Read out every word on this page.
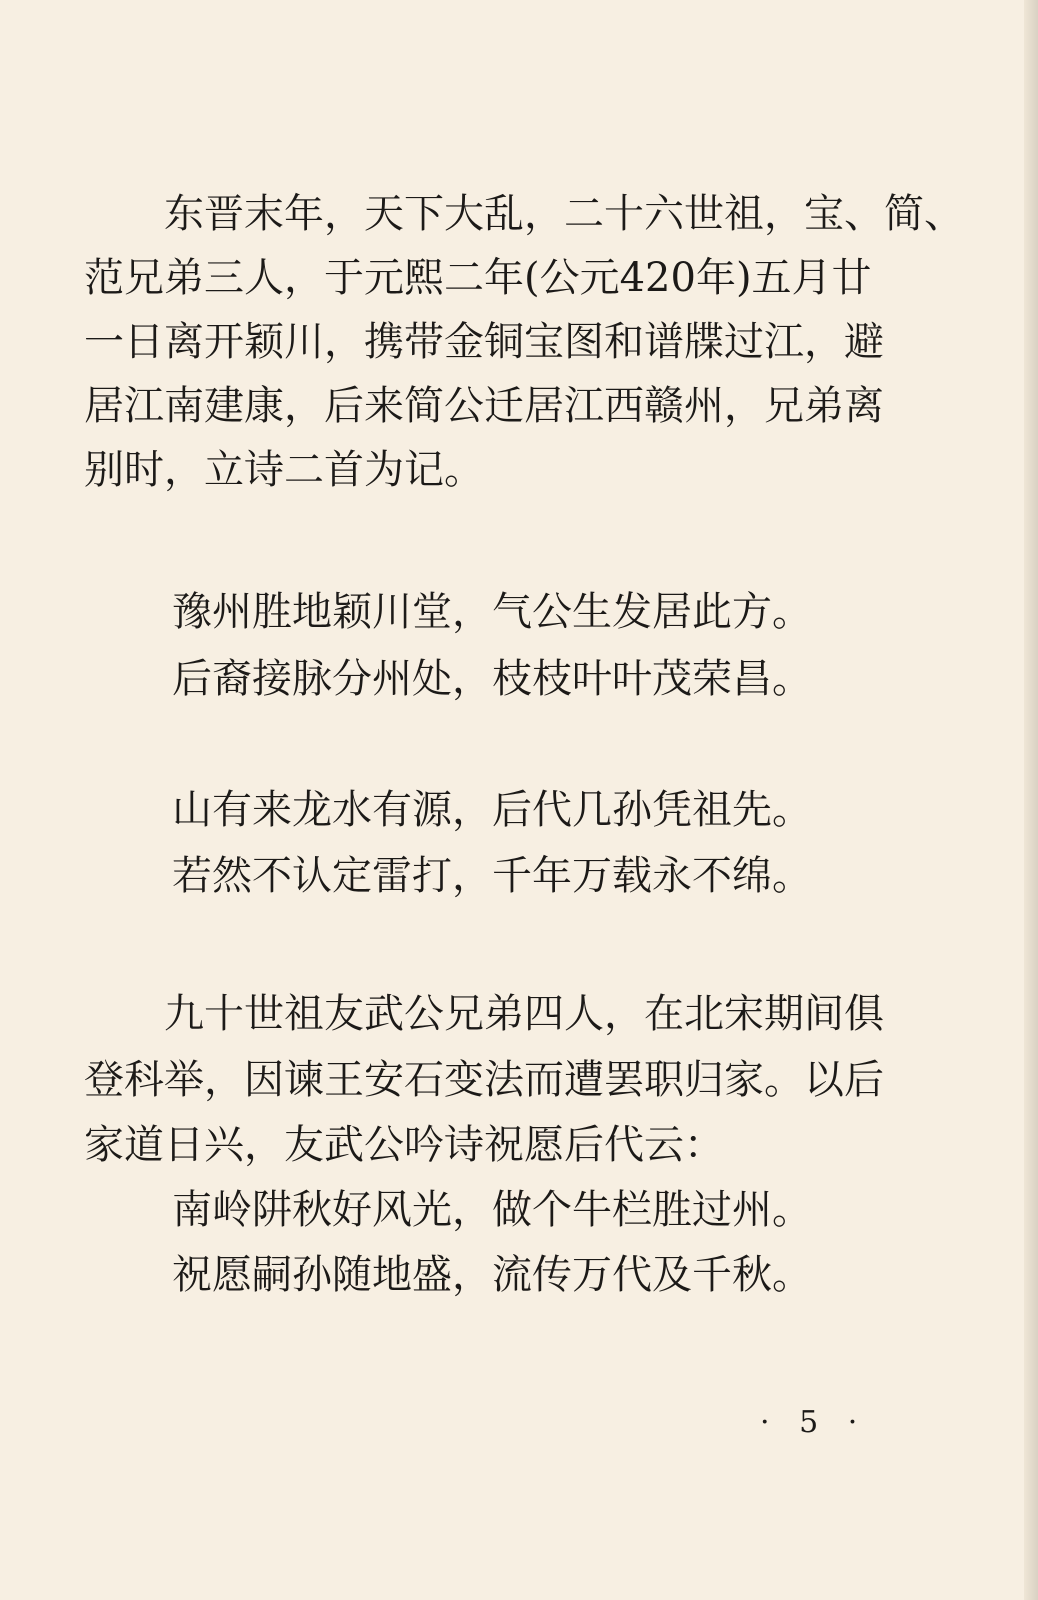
东晋末年，天下大乱，二十六世祖，宝、简、
范兄弟三人，于元熙二年(公元420年)五月廿
一日离开颖川，携带金铜宝图和谱牒过江，避
居江南建康，后来简公迁居江西赣州，兄弟离
别时，立诗二首为记。
豫州胜地颖川堂，气公生发居此方。
后裔接脉分州处，枝枝叶叶茂荣昌。
山有来龙水有源，后代几孙凭祖先。
若然不认定雷打，千年万载永不绵。
九十世祖友武公兄弟四人，在北宋期间俱
登科举，因谏王安石变法而遭罢职归家。以后
家道日兴，友武公吟诗祝愿后代云：
南岭阱秋好风光，做个牛栏胜过州。
祝愿嗣孙随地盛，流传万代及千秋。
· 5 ·
